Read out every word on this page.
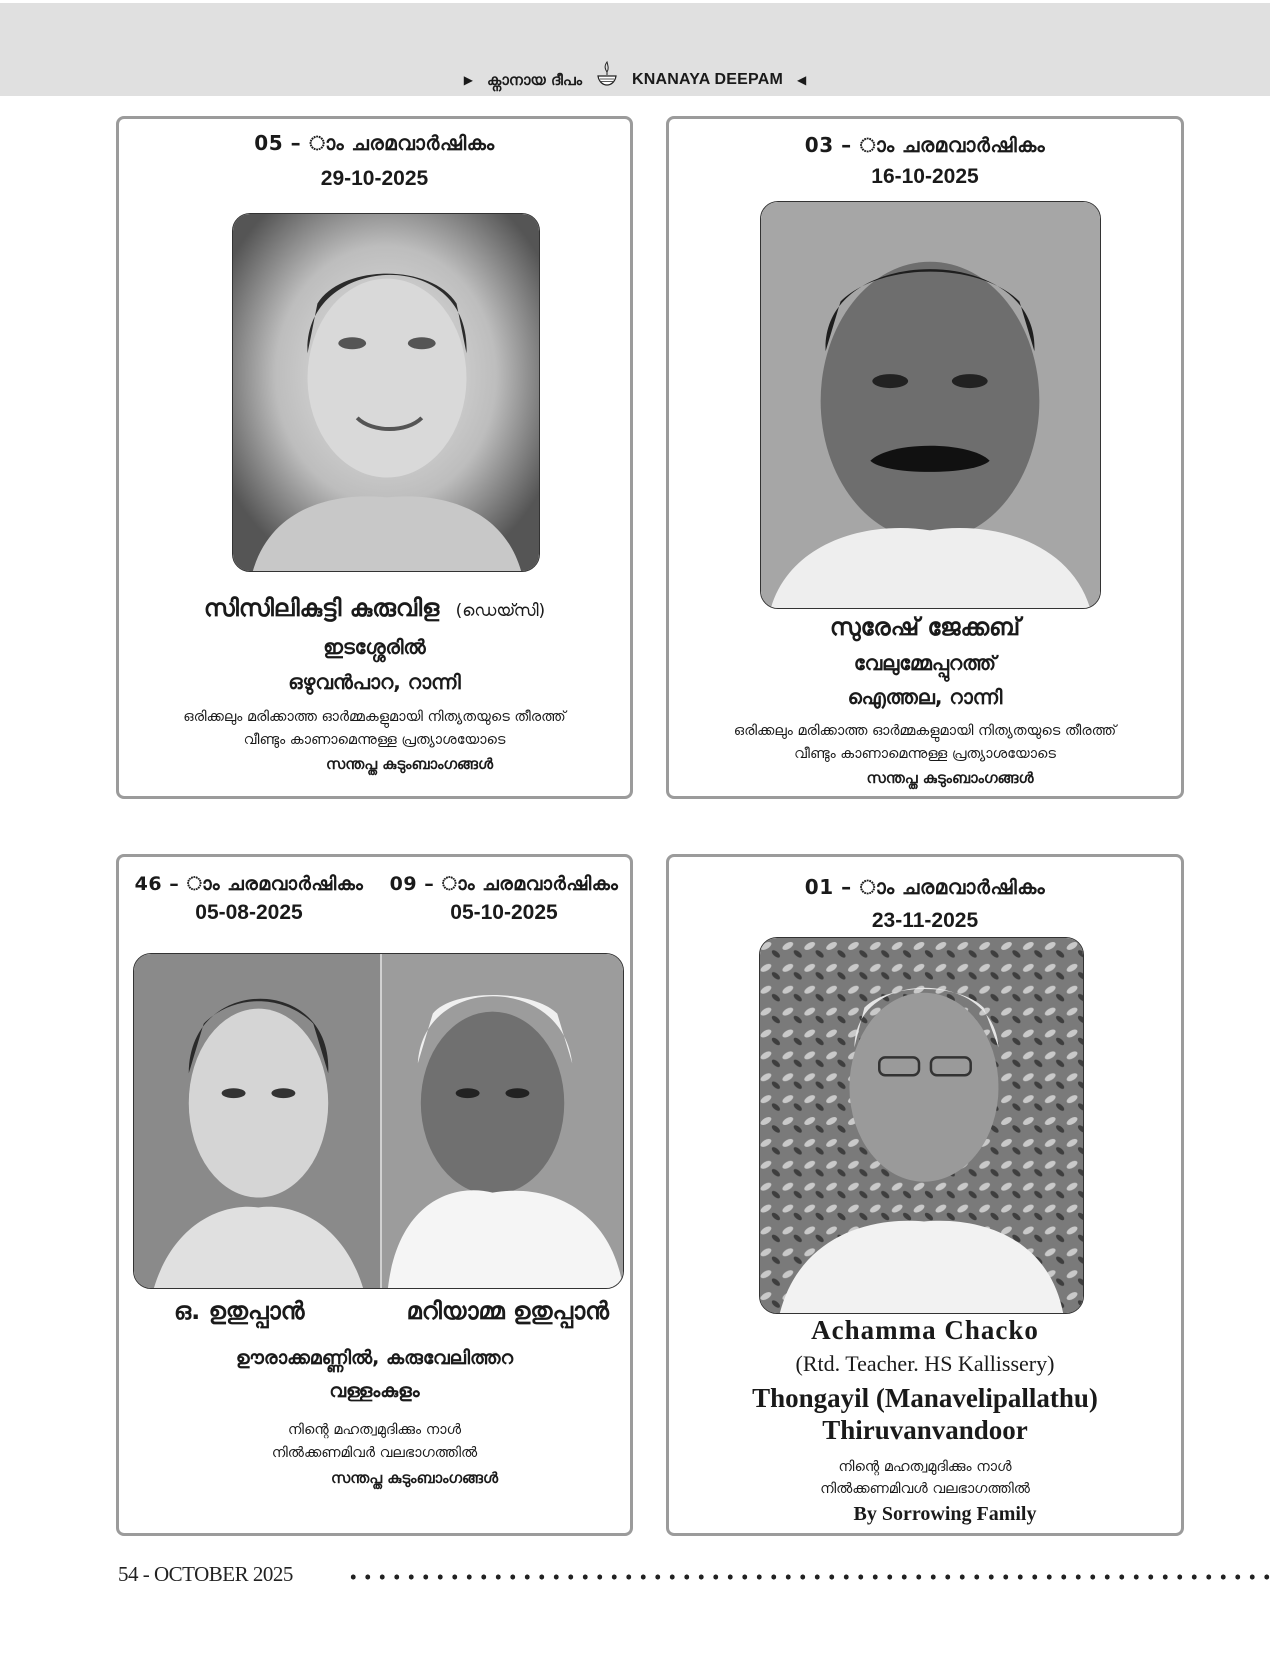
▶ ക്നാനായ ദീപം	KNANAYA DEEPAM ◀
05 – ാം ചരമവാർഷികം
29-10-2025
സിസിലികുട്ടി കുരുവിള (ഡെയ്സി)
ഇടശ്ശേരിൽ
ഒഴുവൻപാറ, റാന്നി
ഒരിക്കലും മരിക്കാത്ത ഓർമ്മകളുമായി നിത്യതയുടെ തീരത്ത്
വീണ്ടും കാണാമെന്നുള്ള പ്രത്യാശയോടെ
സന്തപ്ത കുടുംബാംഗങ്ങൾ
03 – ാം ചരമവാർഷികം
16-10-2025
സുരേഷ് ജേക്കബ്
വേലുമ്മേപ്പുറത്ത്
ഐത്തല, റാന്നി
ഒരിക്കലും മരിക്കാത്ത ഓർമ്മകളുമായി നിത്യതയുടെ തീരത്ത്
വീണ്ടും കാണാമെന്നുള്ള പ്രത്യാശയോടെ
സന്തപ്ത കുടുംബാംഗങ്ങൾ
46 – ാം ചരമവാർഷികം
05-08-2025
09 – ാം ചരമവാർഷികം
05-10-2025
ഒ. ഉതുപ്പാൻ	മറിയാമ്മ ഉതുപ്പാൻ
ഊരാക്കമണ്ണിൽ, കരുവേലിത്തറ
വള്ളംകുളം
നിന്റെ മഹത്വമുദിക്കും നാൾ
നിൽക്കണമിവർ വലഭാഗത്തിൽ
സന്തപ്ത കുടുംബാംഗങ്ങൾ
01 – ാം ചരമവാർഷികം
23-11-2025
Achamma Chacko
(Rtd. Teacher. HS Kallissery)
Thongayil (Manavelipallathu)
Thiruvanvandoor
നിന്റെ മഹത്വമുദിക്കും നാൾ
നിൽക്കണമിവൾ വലഭാഗത്തിൽ
By Sorrowing Family
54 - OCTOBER 2025
